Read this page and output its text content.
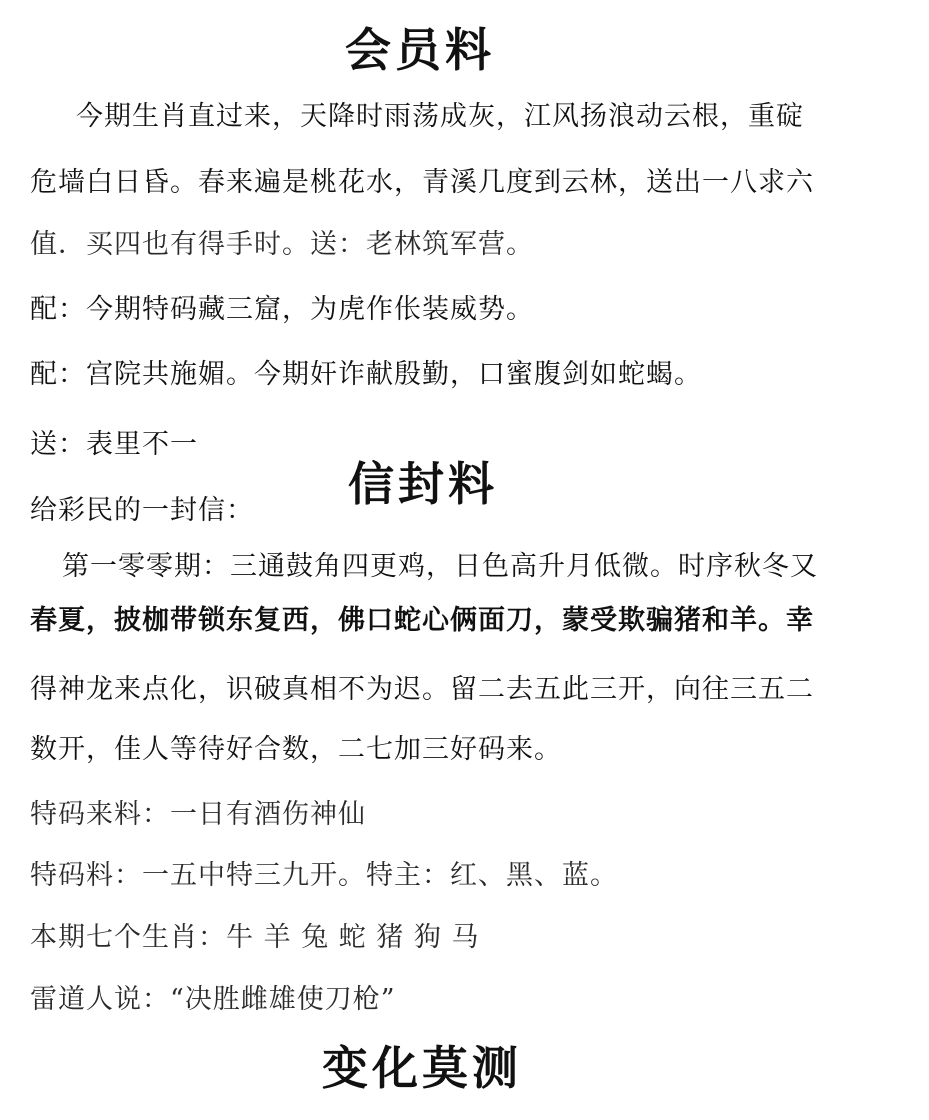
会员料

今期生肖直过来，天降时雨荡成灰，江风扬浪动云根，重碇

危墙白日昏。春来遍是桃花水，青溪几度到云林，送出一八求六

值．买四也有得手时。送：老林筑军营。

配：今期特码藏三窟，为虎作伥装威势。

配：宫院共施媚。今期奸诈献殷勤，口蜜腹剑如蛇蝎。

送：表里不一

信封料

给彩民的一封信：

第一零零期：三通鼓角四更鸡，日色高升月低微。时序秋冬又

春夏，披枷带锁东复西，佛口蛇心俩面刀，蒙受欺骗猪和羊。幸

得神龙来点化，识破真相不为迟。留二去五此三开，向往三五二

数开，佳人等待好合数，二七加三好码来。

特码来料：一日有酒伤神仙

特码料：一五中特三九开。特主：红、黑、蓝。

本期七个生肖：牛 羊 兔 蛇 猪 狗 马

雷道人说：“决胜雌雄使刀枪”

变化莫测
